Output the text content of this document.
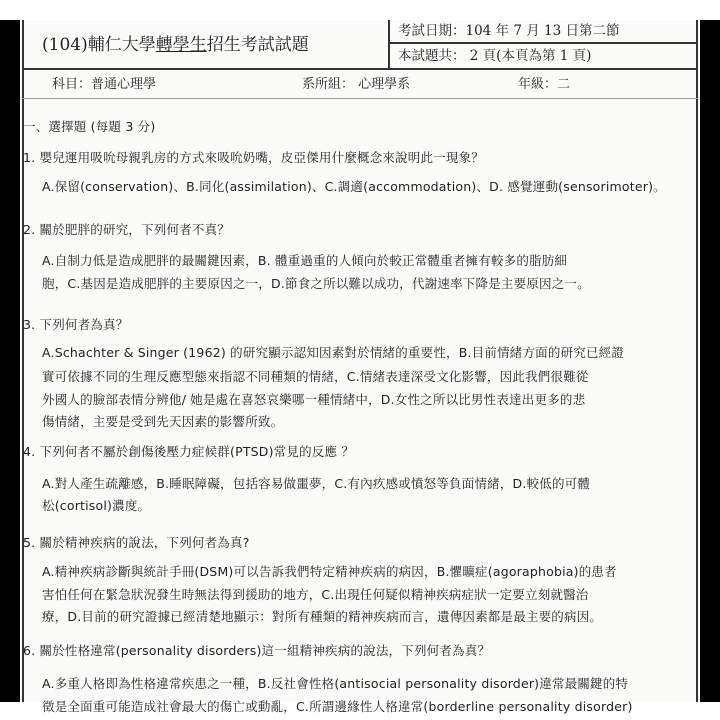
(104)輔仁大學轉學生招生考試試題
考試日期：104 年 7 月 13 日第二節
本試題共： 2 頁(本頁為第 1 頁)
科目：普通心理學	系所組： 心理學系	年級：二
一、選擇題 (每題 3 分)
1. 嬰兒運用吸吮母親乳房的方式來吸吮奶嘴，皮亞傑用什麼概念來說明此一現象？
A.保留(conservation)、B.同化(assimilation)、C.調適(accommodation)、D. 感覺運動(sensorimoter)。
2. 關於肥胖的研究，下列何者不真？
A.自制力低是造成肥胖的最關鍵因素，B. 體重過重的人傾向於較正常體重者擁有較多的脂肪細
胞，C.基因是造成肥胖的主要原因之一，D.節食之所以難以成功，代謝速率下降是主要原因之一。
3. 下列何者為真？
A.Schachter & Singer (1962) 的研究顯示認知因素對於情緒的重要性，B.目前情緒方面的研究已經證
實可依據不同的生理反應型態來指認不同種類的情緒，C.情緒表達深受文化影響，因此我們很難從
外國人的臉部表情分辨他/ 她是處在喜怒哀樂哪一種情緒中，D.女性之所以比男性表達出更多的悲
傷情緒，主要是受到先天因素的影響所致。
4. 下列何者不屬於創傷後壓力症候群(PTSD)常見的反應 ？
A.對人產生疏離感，B.睡眠障礙，包括容易做噩夢，C.有內疚感或憤怒等負面情緒，D.較低的可體
松(cortisol)濃度。
5. 關於精神疾病的說法，下列何者為真?
A.精神疾病診斷與統計手冊(DSM)可以告訴我們特定精神疾病的病因，B.懼曠症(agoraphobia)的患者
害怕任何在緊急狀況發生時無法得到援助的地方，C.出現任何疑似精神疾病症狀一定要立刻就醫治
療，D.目前的研究證據已經清楚地顯示：對所有種類的精神疾病而言，遺傳因素都是最主要的病因。
6. 關於性格違常(personality disorders)這一組精神疾病的說法，下列何者為真？
A.多重人格即為性格違常疾患之一種，B.反社會性格(antisocial personality disorder)違常最關鍵的特
徵是全面重可能造成社會最大的傷亡或動亂，C.所謂邊緣性人格違常(borderline personality disorder)
